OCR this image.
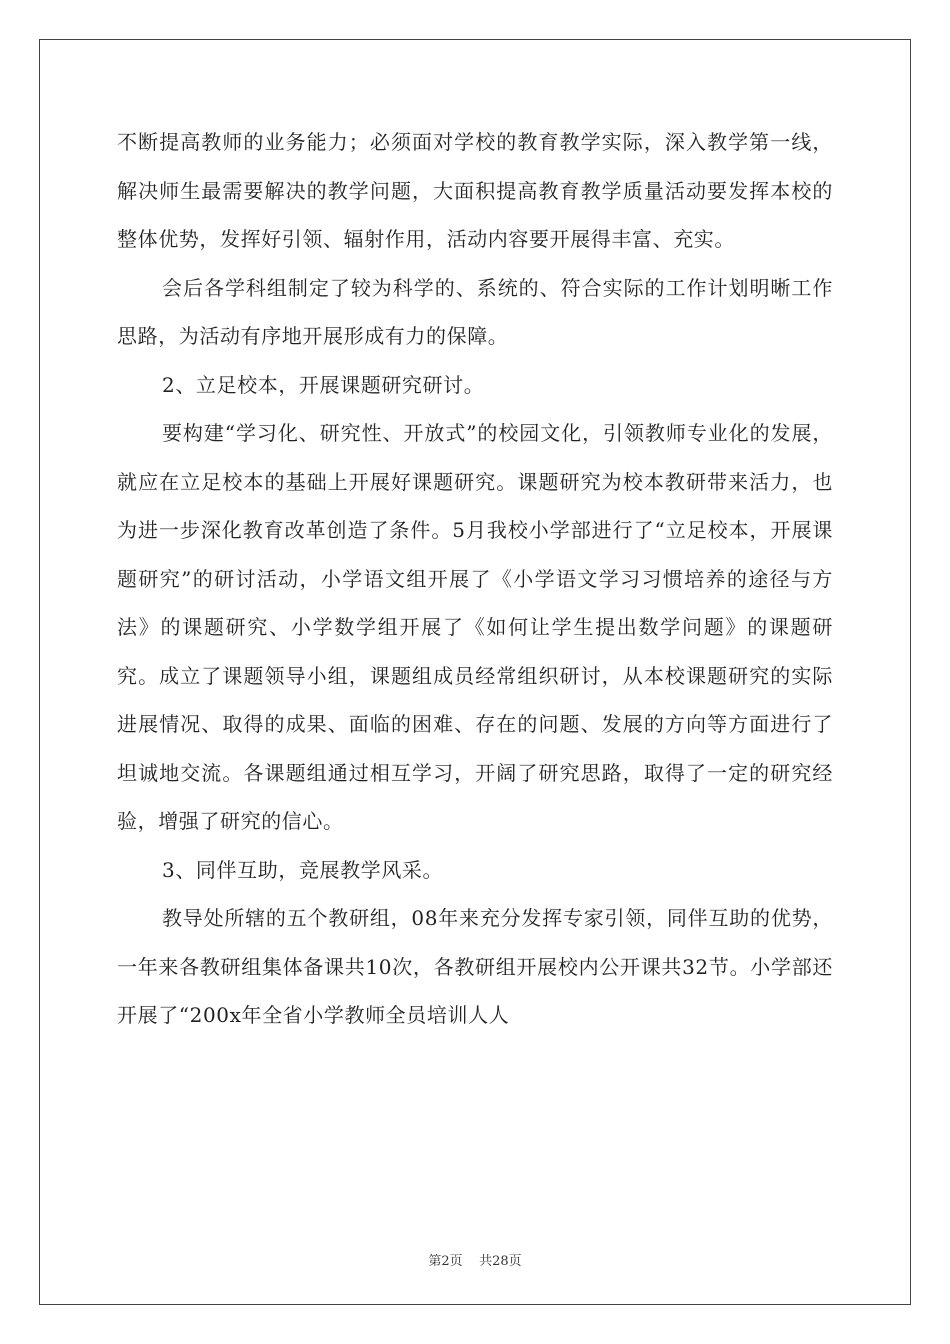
不断提高教师的业务能力；必须面对学校的教育教学实际，深入教学第一线，解决师生最需要解决的教学问题，大面积提高教育教学质量活动要发挥本校的整体优势，发挥好引领、辐射作用，活动内容要开展得丰富、充实。

会后各学科组制定了较为科学的、系统的、符合实际的工作计划明晰工作思路，为活动有序地开展形成有力的保障。

2、立足校本，开展课题研究研讨。

要构建“学习化、研究性、开放式”的校园文化，引领教师专业化的发展，就应在立足校本的基础上开展好课题研究。课题研究为校本教研带来活力，也为进一步深化教育改革创造了条件。5月我校小学部进行了“立足校本，开展课题研究”的研讨活动，小学语文组开展了《小学语文学习习惯培养的途径与方法》的课题研究、小学数学组开展了《如何让学生提出数学问题》的课题研究。成立了课题领导小组，课题组成员经常组织研讨，从本校课题研究的实际进展情况、取得的成果、面临的困难、存在的问题、发展的方向等方面进行了坦诚地交流。各课题组通过相互学习，开阔了研究思路，取得了一定的研究经验，增强了研究的信心。

3、同伴互助，竞展教学风采。

教导处所辖的五个教研组，08年来充分发挥专家引领，同伴互助的优势， 一年来各教研组集体备课共10次，各教研组开展校内公开课共32节。小学部还开展了“200x年全省小学教师全员培训人人

第2页 共28页
